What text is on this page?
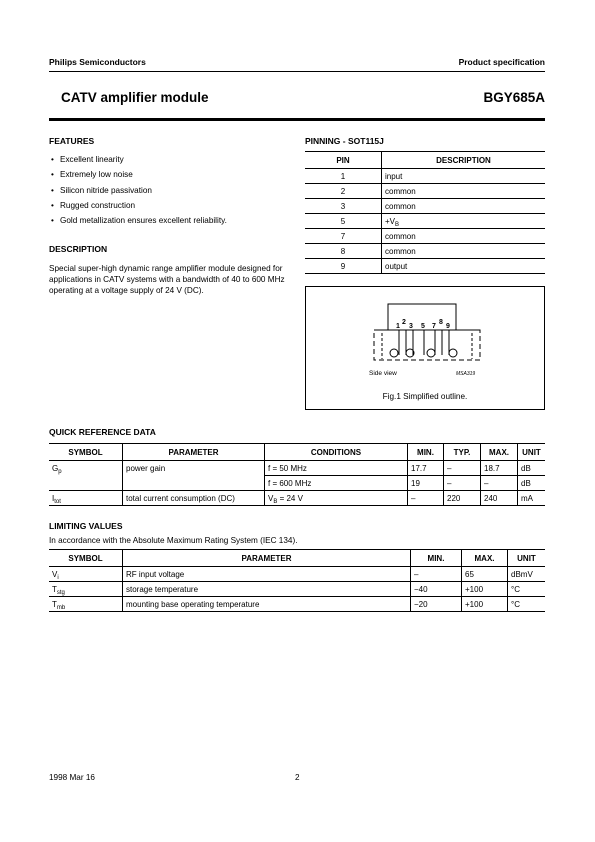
Philips Semiconductors	Product specification
CATV amplifier module	BGY685A
FEATURES
• Excellent linearity
• Extremely low noise
• Silicon nitride passivation
• Rugged construction
• Gold metallization ensures excellent reliability.
DESCRIPTION
Special super-high dynamic range amplifier module designed for applications in CATV systems with a bandwidth of 40 to 600 MHz operating at a voltage supply of 24 V (DC).
PINNING - SOT115J
PIN	DESCRIPTION
1	input
2	common
3	common
5	$+V_B$
7	common
8	common
9	output
1
2
3 5 7
8
9
Side view	MSA319
Fig.1 Simplified outline.
QUICK REFERENCE DATA
SYMBOL	PARAMETER	CONDITIONS	MIN.	TYP.	MAX.	UNIT
$G_p$	power gain	f = 50 MHz	17.7	–	18.7	dB
		f = 600 MHz	19	–	–	dB
$I_{tot}$	total current consumption (DC)	$V_B = 24$ V	–	220	240	mA
LIMITING VALUES
In accordance with the Absolute Maximum Rating System (IEC 134).
SYMBOL	PARAMETER	MIN.	MAX.	UNIT
$V_i$	RF input voltage	–	65	dBmV
$T_{stg}$	storage temperature	−40	+100	°C
$T_{mb}$	mounting base operating temperature	−20	+100	°C
1998 Mar 16	2
